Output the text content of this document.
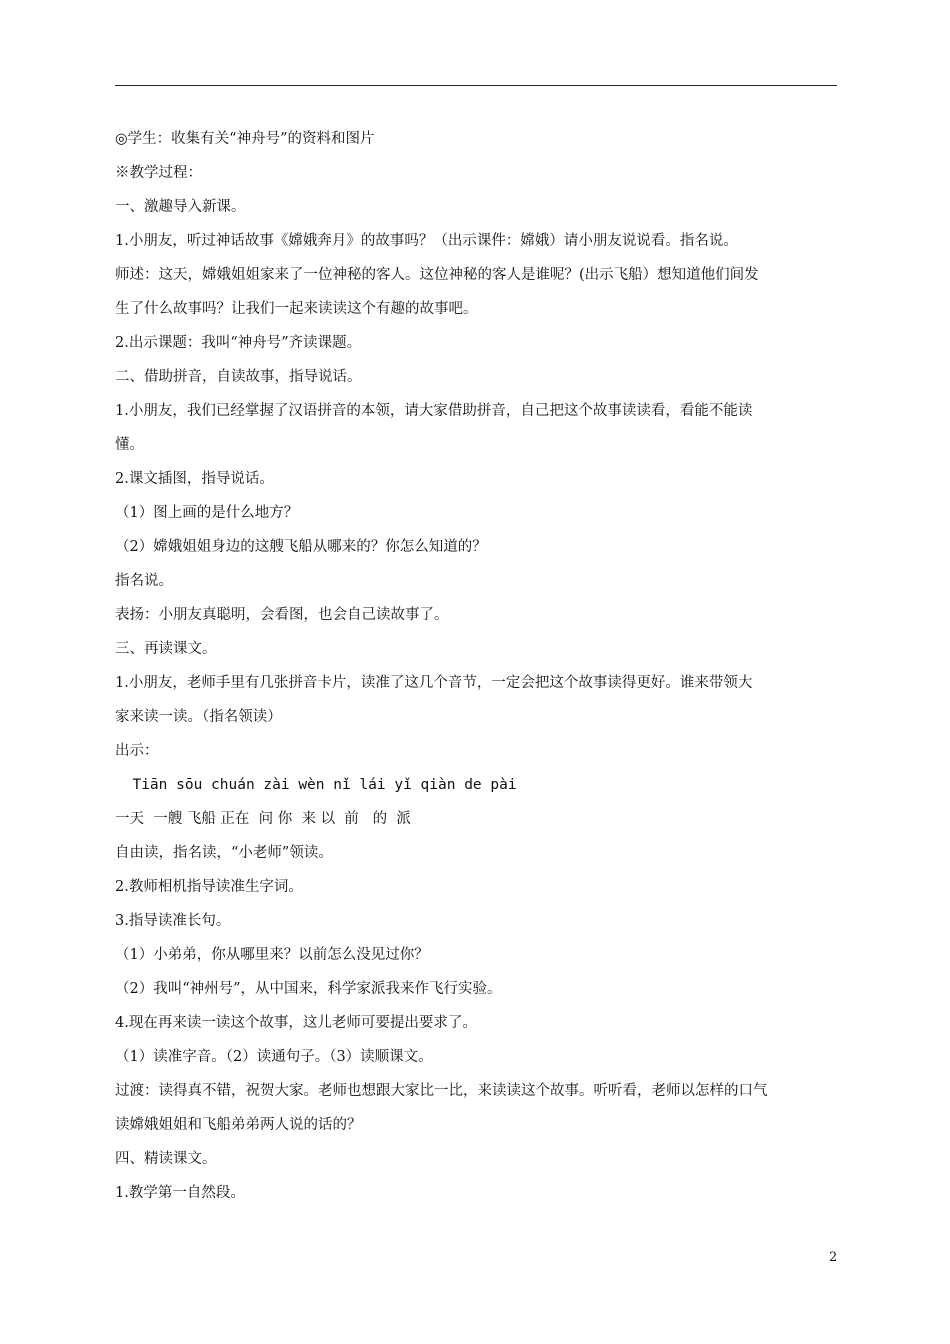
◎学生：收集有关“神舟号”的资料和图片
※教学过程：
一、激趣导入新课。
1.小朋友，听过神话故事《嫦娥奔月》的故事吗？（出示课件：嫦娥）请小朋友说说看。指名说。
师述：这天，嫦娥姐姐家来了一位神秘的客人。这位神秘的客人是谁呢？(出示飞船）想知道他们间发
生了什么故事吗？让我们一起来读读这个有趣的故事吧。
2.出示课题：我叫“神舟号”齐读课题。
二、借助拼音，自读故事，指导说话。
1.小朋友，我们已经掌握了汉语拼音的本领，请大家借助拼音，自己把这个故事读读看，看能不能读
懂。
2.课文插图，指导说话。
（1）图上画的是什么地方？
（2）嫦娥姐姐身边的这艘飞船从哪来的？你怎么知道的？
指名说。
表扬：小朋友真聪明，会看图，也会自己读故事了。
三、再读课文。
1.小朋友，老师手里有几张拼音卡片，读准了这几个音节，一定会把这个故事读得更好。谁来带领大
家来读一读。（指名领读）
出示：
Tiān sōu chuán zài wèn nǐ lái yǐ qiàn de pài
一天  一艘 飞船 正在  问 你  来 以  前   的  派
自由读，指名读，“小老师”领读。
2.教师相机指导读准生字词。
3.指导读准长句。
（1）小弟弟，你从哪里来？以前怎么没见过你？
（2）我叫“神州号”，从中国来，科学家派我来作飞行实验。
4.现在再来读一读这个故事，这儿老师可要提出要求了。
（1）读准字音。（2）读通句子。（3）读顺课文。
过渡：读得真不错，祝贺大家。老师也想跟大家比一比，来读读这个故事。听听看，老师以怎样的口气
读嫦娥姐姐和飞船弟弟两人说的话的？
四、精读课文。
1.教学第一自然段。
2
